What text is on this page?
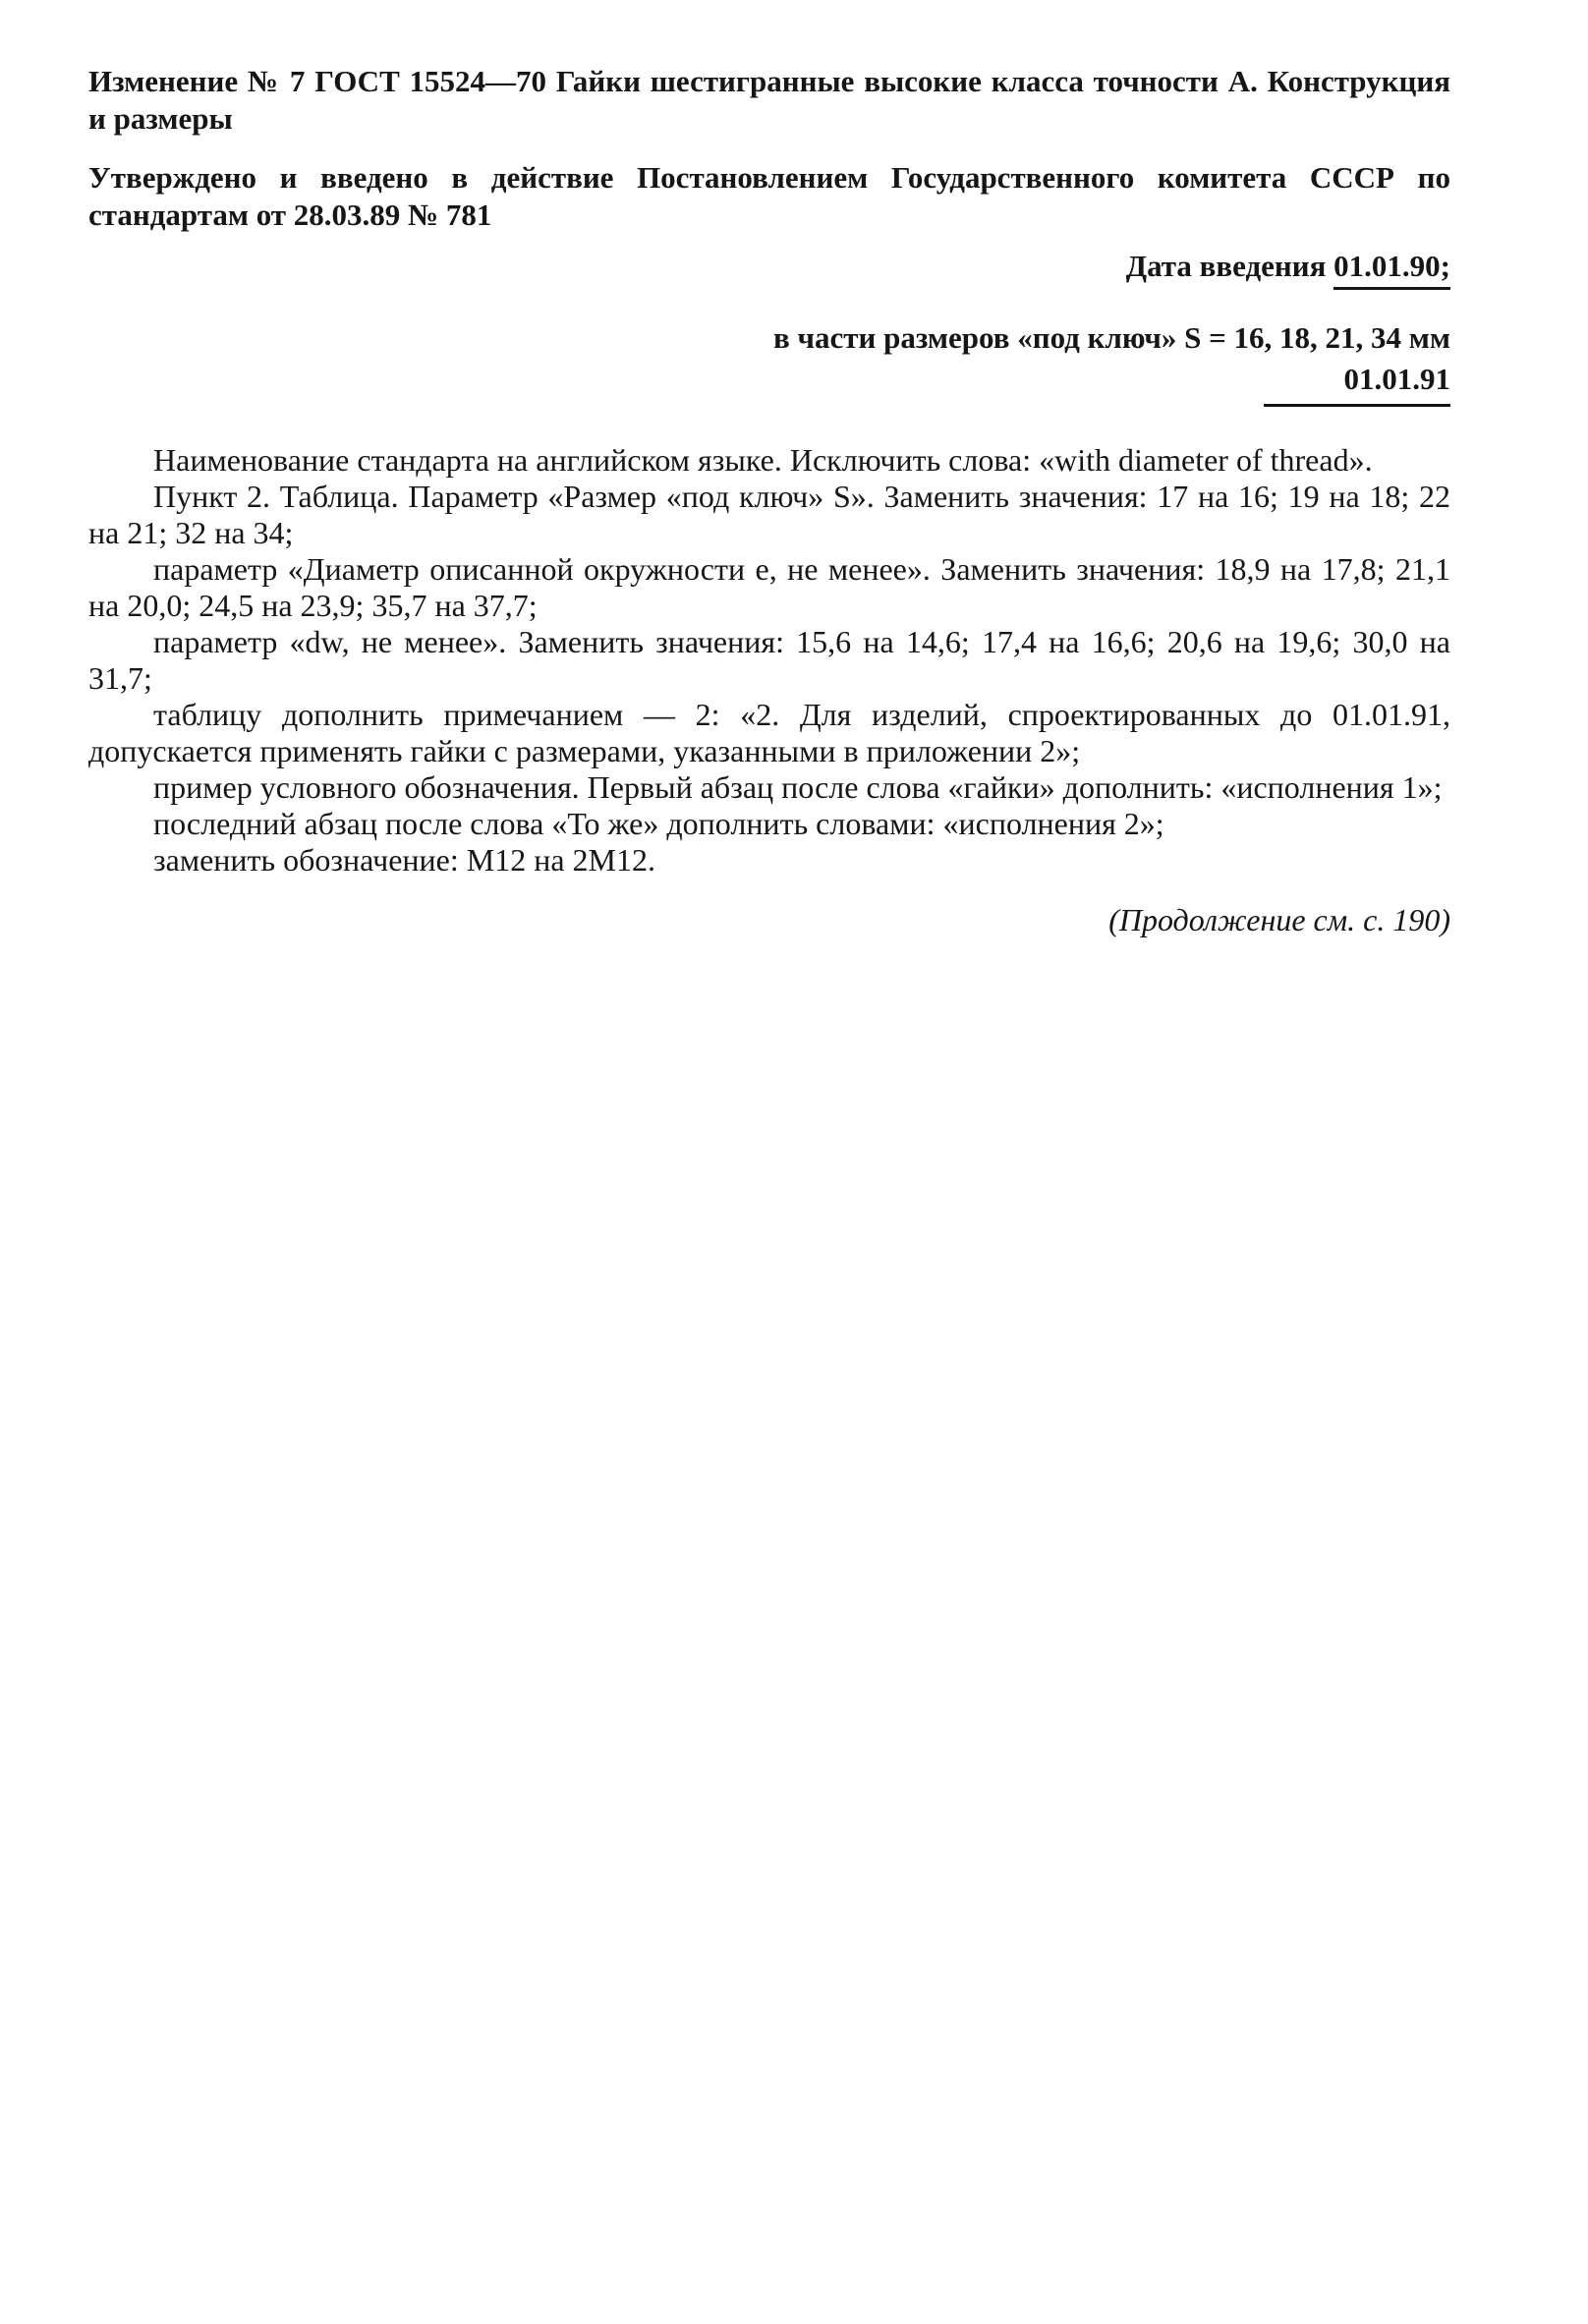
Изменение № 7 ГОСТ 15524—70 Гайки шестигранные высокие класса точности А. Конструкция и размеры

Утверждено и введено в действие Постановлением Государственного комитета СССР по стандартам от 28.03.89 № 781

Дата введения 01.01.90;
в части размеров «под ключ» S = 16, 18, 21, 34 мм
01.01.91

Наименование стандарта на английском языке. Исключить слова: «with diameter of thread».

Пункт 2. Таблица. Параметр «Размер «под ключ» S». Заменить значения: 17 на 16; 19 на 18; 22 на 21; 32 на 34;

параметр «Диаметр описанной окружности e, не менее». Заменить значения: 18,9 на 17,8; 21,1 на 20,0; 24,5 на 23,9; 35,7 на 37,7;

параметр «dw, не менее». Заменить значения: 15,6 на 14,6; 17,4 на 16,6; 20,6 на 19,6; 30,0 на 31,7;

таблицу дополнить примечанием — 2: «2. Для изделий, спроектированных до 01.01.91, допускается применять гайки с размерами, указанными в приложении 2»;

пример условного обозначения. Первый абзац после слова «гайки» дополнить: «исполнения 1»;

последний абзац после слова «То же» дополнить словами: «исполнения 2»;

заменить обозначение: М12 на 2М12.

(Продолжение см. с. 190)
